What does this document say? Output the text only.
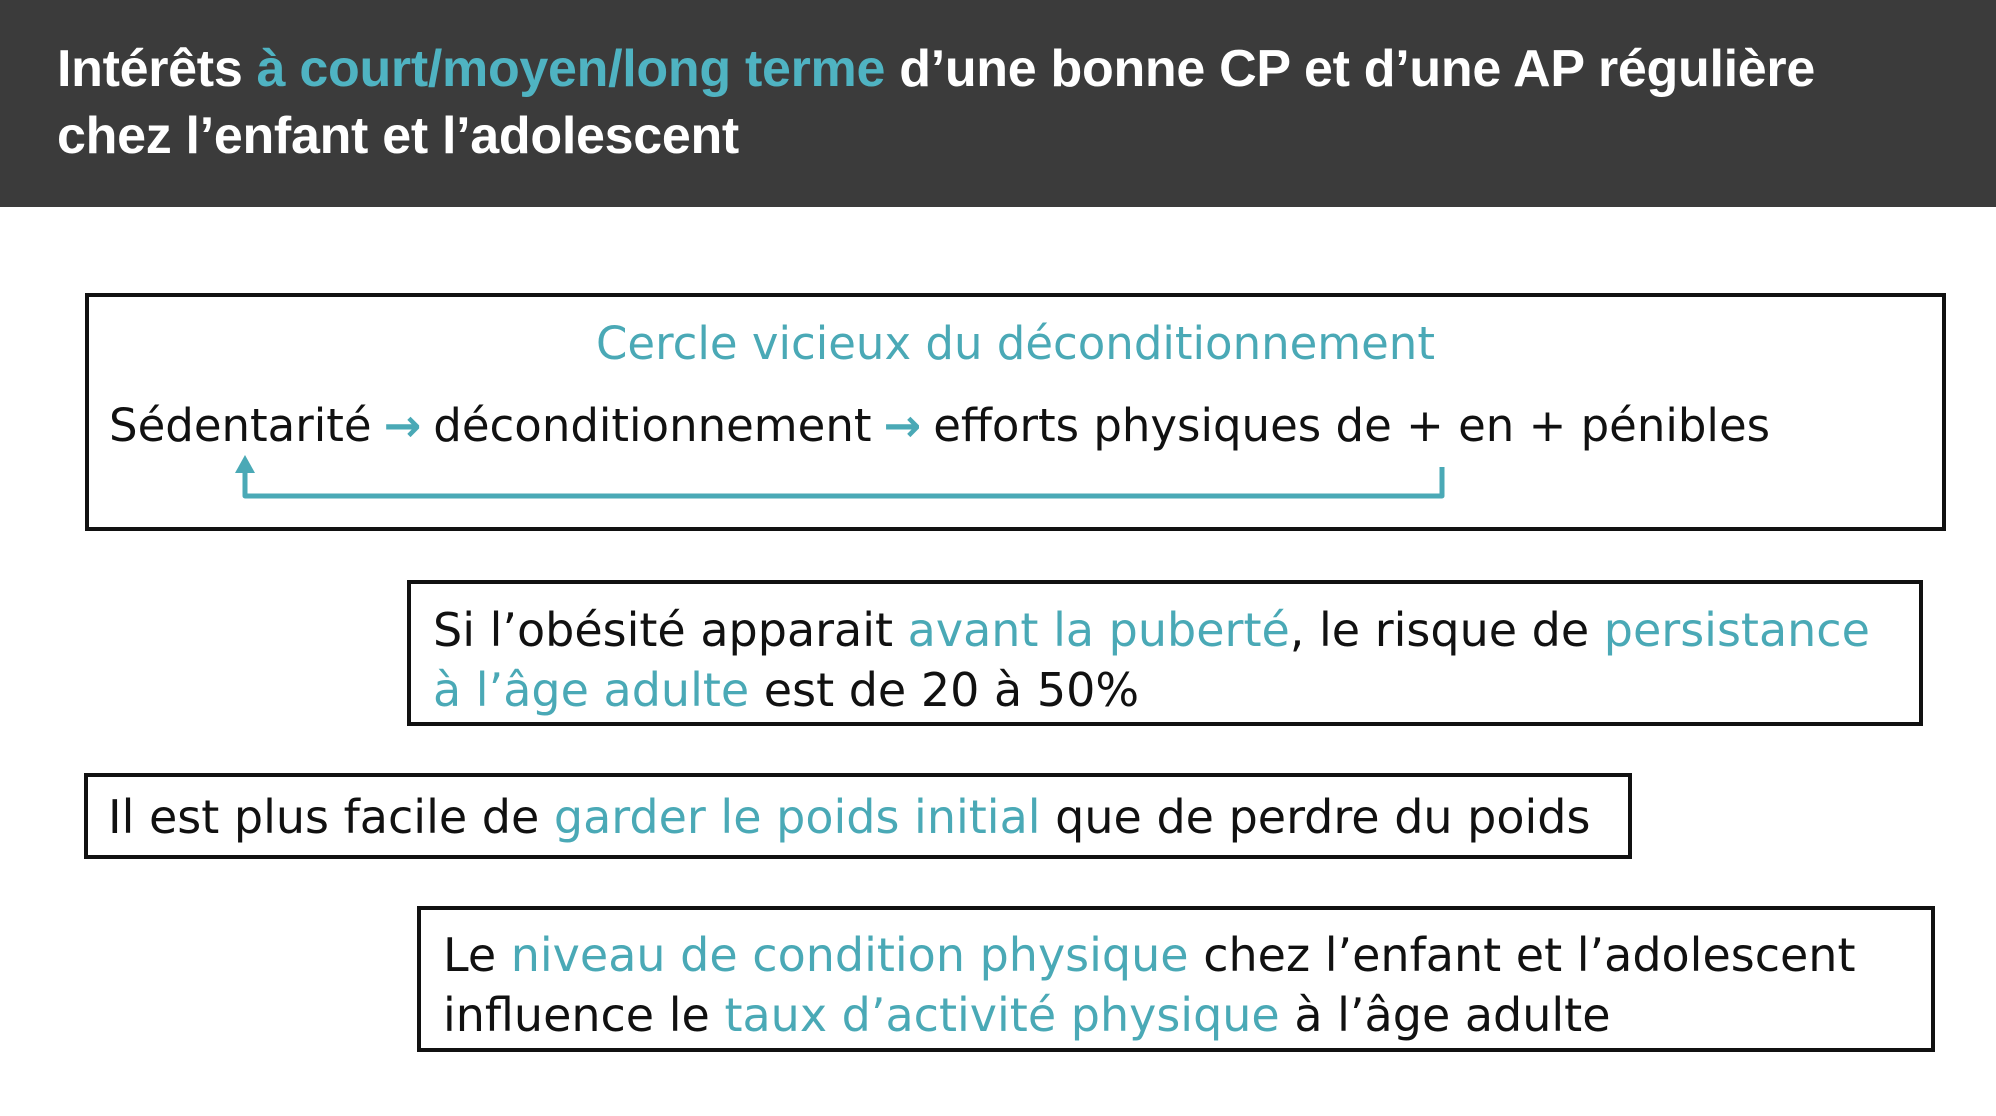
Intérêts à court/moyen/long terme d’une bonne CP et d’une AP régulière chez l’enfant et l’adolescent
Cercle vicieux du déconditionnement
Sédentarité → déconditionnement → efforts physiques de + en + pénibles
Si l’obésité apparait avant la puberté, le risque de persistance à l’âge adulte est de 20 à 50%
Il est plus facile de garder le poids initial que de perdre du poids
Le niveau de condition physique chez l’enfant et l’adolescent influence le taux d’activité physique à l’âge adulte
